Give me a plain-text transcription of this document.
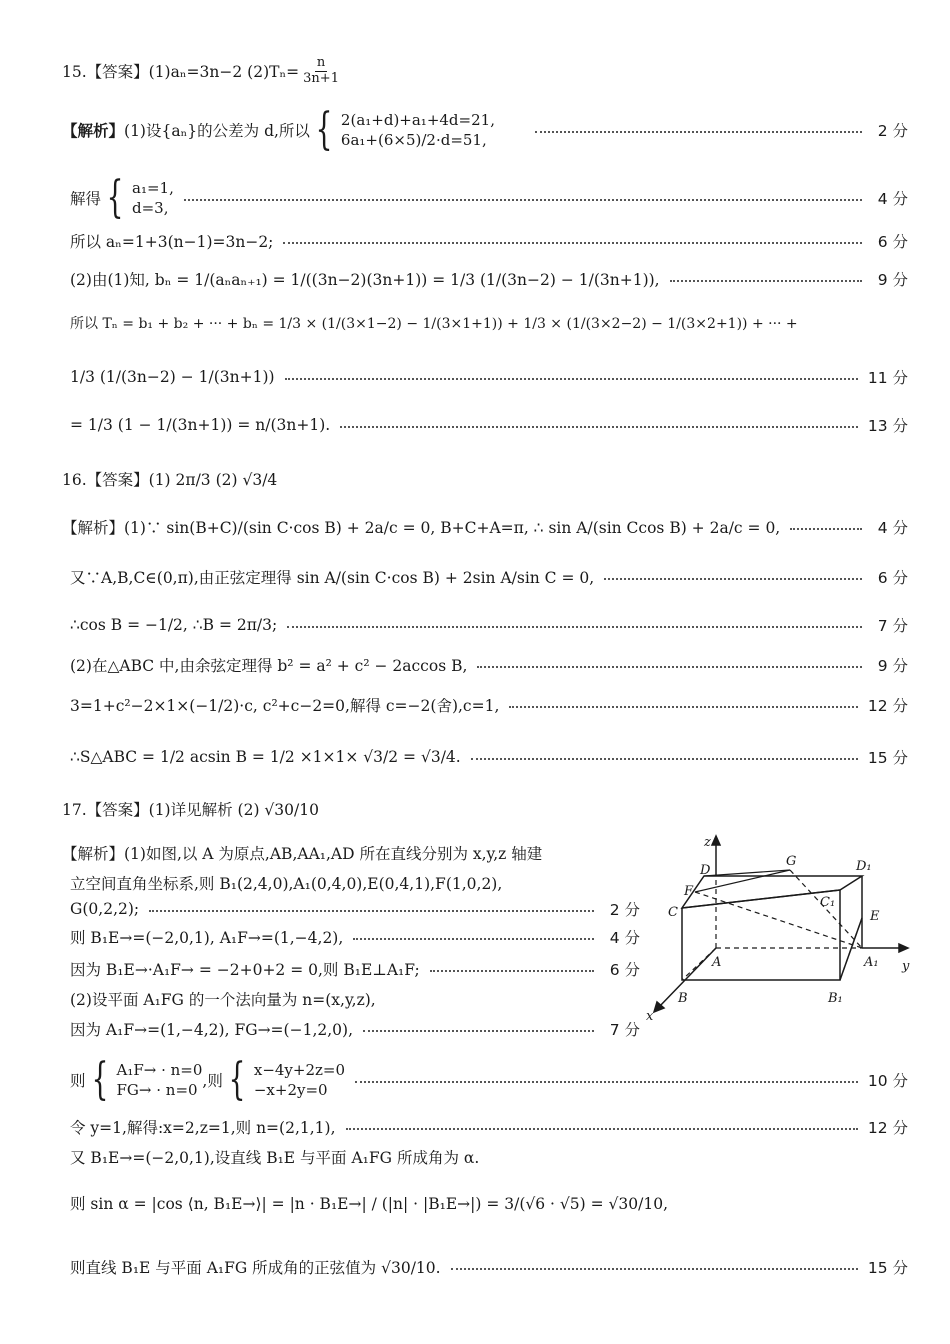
15.【答案】(1)aₙ=3n−2 $(2)T_n= \frac{n}{3n+1}$
【解析】 (1)设{aₙ}的公差为 d,所以 { 2(a₁+d)+a₁+4d=21,
6a₁+(6×5)/2·d=51,	2 分
解得 { a₁=1,
d=3,	4 分
所以 aₙ=1+3(n−1)=3n−2;	6 分
(2)由(1)知, bₙ = 1/(aₙaₙ₊₁) = 1/((3n−2)(3n+1)) = 1/3 (1/(3n−2) − 1/(3n+1)),	9 分
所以 Tₙ = b₁ + b₂ + ··· + bₙ = 1/3 × (1/(3×1−2) − 1/(3×1+1)) + 1/3 × (1/(3×2−2) − 1/(3×2+1)) + ··· +
1/3 (1/(3n−2) − 1/(3n+1))	11 分
= 1/3 (1 − 1/(3n+1)) = n/(3n+1).	13 分
16.【答案】(1) 2π/3 (2) √3/4
【解析】(1)∵ sin(B+C)/(sin C·cos B) + 2a/c = 0, B+C+A=π, ∴ sin A/(sin Ccos B) + 2a/c = 0,	4 分
又∵A,B,C∈(0,π),由正弦定理得 sin A/(sin C·cos B) + 2sin A/sin C = 0,	6 分
∴cos B = −1/2, ∴B = 2π/3;	7 分
(2)在△ABC 中,由余弦定理得 b² = a² + c² − 2accos B,	9 分
3=1+c²−2×1×(−1/2)·c, c²+c−2=0,解得 c=−2(舍),c=1,	12 分
∴S△ABC = 1/2 acsin B = 1/2 ×1×1× √3/2 = √3/4.	15 分
17.【答案】(1)详见解析 (2) √30/10
【解析】(1)如图,以 A 为原点,AB,AA₁,AD 所在直线分别为 x,y,z 轴建
立空间直角坐标系,则 B₁(2,4,0),A₁(0,4,0),E(0,4,1),F(1,0,2),
G(0,2,2);	2 分
则 B₁E→=(−2,0,1), A₁F→=(1,−4,2),	4 分
因为 B₁E→·A₁F→ = −2+0+2 = 0,则 B₁E⊥A₁F;	6 分
(2)设平面 A₁FG 的一个法向量为 n=(x,y,z),
因为 A₁F→=(1,−4,2), FG→=(−1,2,0),	7 分
则 { A₁F→ · n=0
FG→ · n=0 ,则 { x−4y+2z=0
−x+2y=0	10 分
令 y=1,解得:x=2,z=1,则 n=(2,1,1),	12 分
又 B₁E→=(−2,0,1),设直线 B₁E 与平面 A₁FG 所成角为 α.
则 sin α = |cos ⟨n, B₁E→⟩| = |n · B₁E→| / (|n| · |B₁E→|) = 3/(√6 · √5) = √30/10,
则直线 B₁E 与平面 A₁FG 所成角的正弦值为 √30/10.	15 分
z
D
G	D₁
F
C
C₁
E
A	A₁ y
B	B₁
x
